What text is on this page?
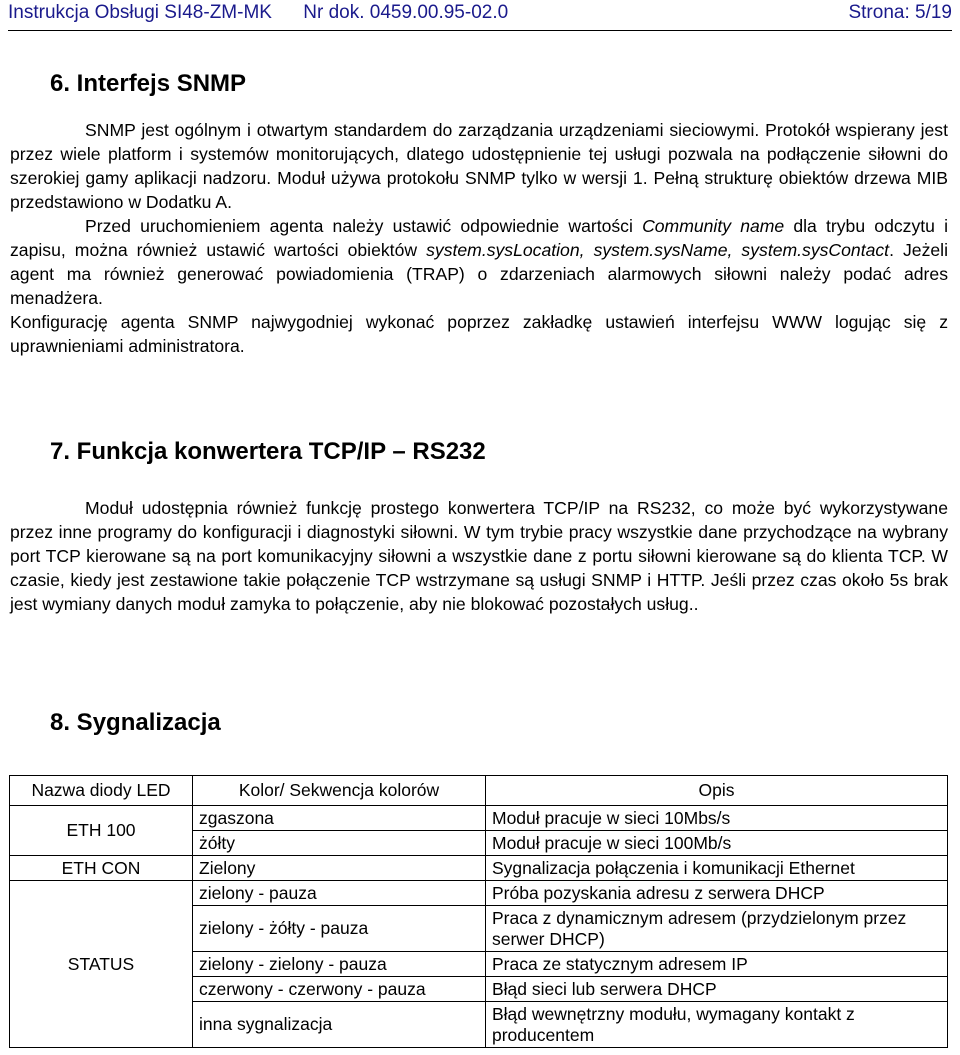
Instrukcja Obsługi SI48-ZM-MK Nr dok. 0459.00.95-02.0	Strona: 5/19
6. Interfejs SNMP

SNMP jest ogólnym i otwartym standardem do zarządzania urządzeniami sieciowymi. Protokół wspierany jest przez wiele platform i systemów monitorujących, dlatego udostępnienie tej usługi pozwala na podłączenie siłowni do szerokiej gamy aplikacji nadzoru. Moduł używa protokołu SNMP tylko w wersji 1. Pełną strukturę obiektów drzewa MIB przedstawiono w Dodatku A.

Przed uruchomieniem agenta należy ustawić odpowiednie wartości Community name dla trybu odczytu i zapisu, można również ustawić wartości obiektów system.sysLocation, system.sysName, system.sysContact. Jeżeli agent ma również generować powiadomienia (TRAP) o zdarzeniach alarmowych siłowni należy podać adres menadżera.

Konfigurację agenta SNMP najwygodniej wykonać poprzez zakładkę ustawień interfejsu WWW logując się z uprawnieniami administratora.

7. Funkcja konwertera TCP/IP – RS232

Moduł udostępnia również funkcję prostego konwertera TCP/IP na RS232, co może być wykorzystywane przez inne programy do konfiguracji i diagnostyki siłowni. W tym trybie pracy wszystkie dane przychodzące na wybrany port TCP kierowane są na port komunikacyjny siłowni a wszystkie dane z portu siłowni kierowane są do klienta TCP. W czasie, kiedy jest zestawione takie połączenie TCP wstrzymane są usługi SNMP i HTTP. Jeśli przez czas około 5s brak jest wymiany danych moduł zamyka to połączenie, aby nie blokować pozostałych usług..

8. Sygnalizacja
Nazwa diody LED	Kolor/ Sekwencja kolorów	Opis
ETH 100	zgaszona	Moduł pracuje w sieci 10Mbs/s
	żółty	Moduł pracuje w sieci 100Mb/s
ETH CON	Zielony	Sygnalizacja połączenia i komunikacji Ethernet
STATUS	zielony - pauza	Próba pozyskania adresu z serwera DHCP
	zielony - żółty - pauza	Praca z dynamicznym adresem (przydzielonym przez serwer DHCP)
	zielony - zielony - pauza	Praca ze statycznym adresem IP
	czerwony - czerwony - pauza	Błąd sieci lub serwera DHCP
	inna sygnalizacja	Błąd wewnętrzny modułu, wymagany kontakt z producentem
